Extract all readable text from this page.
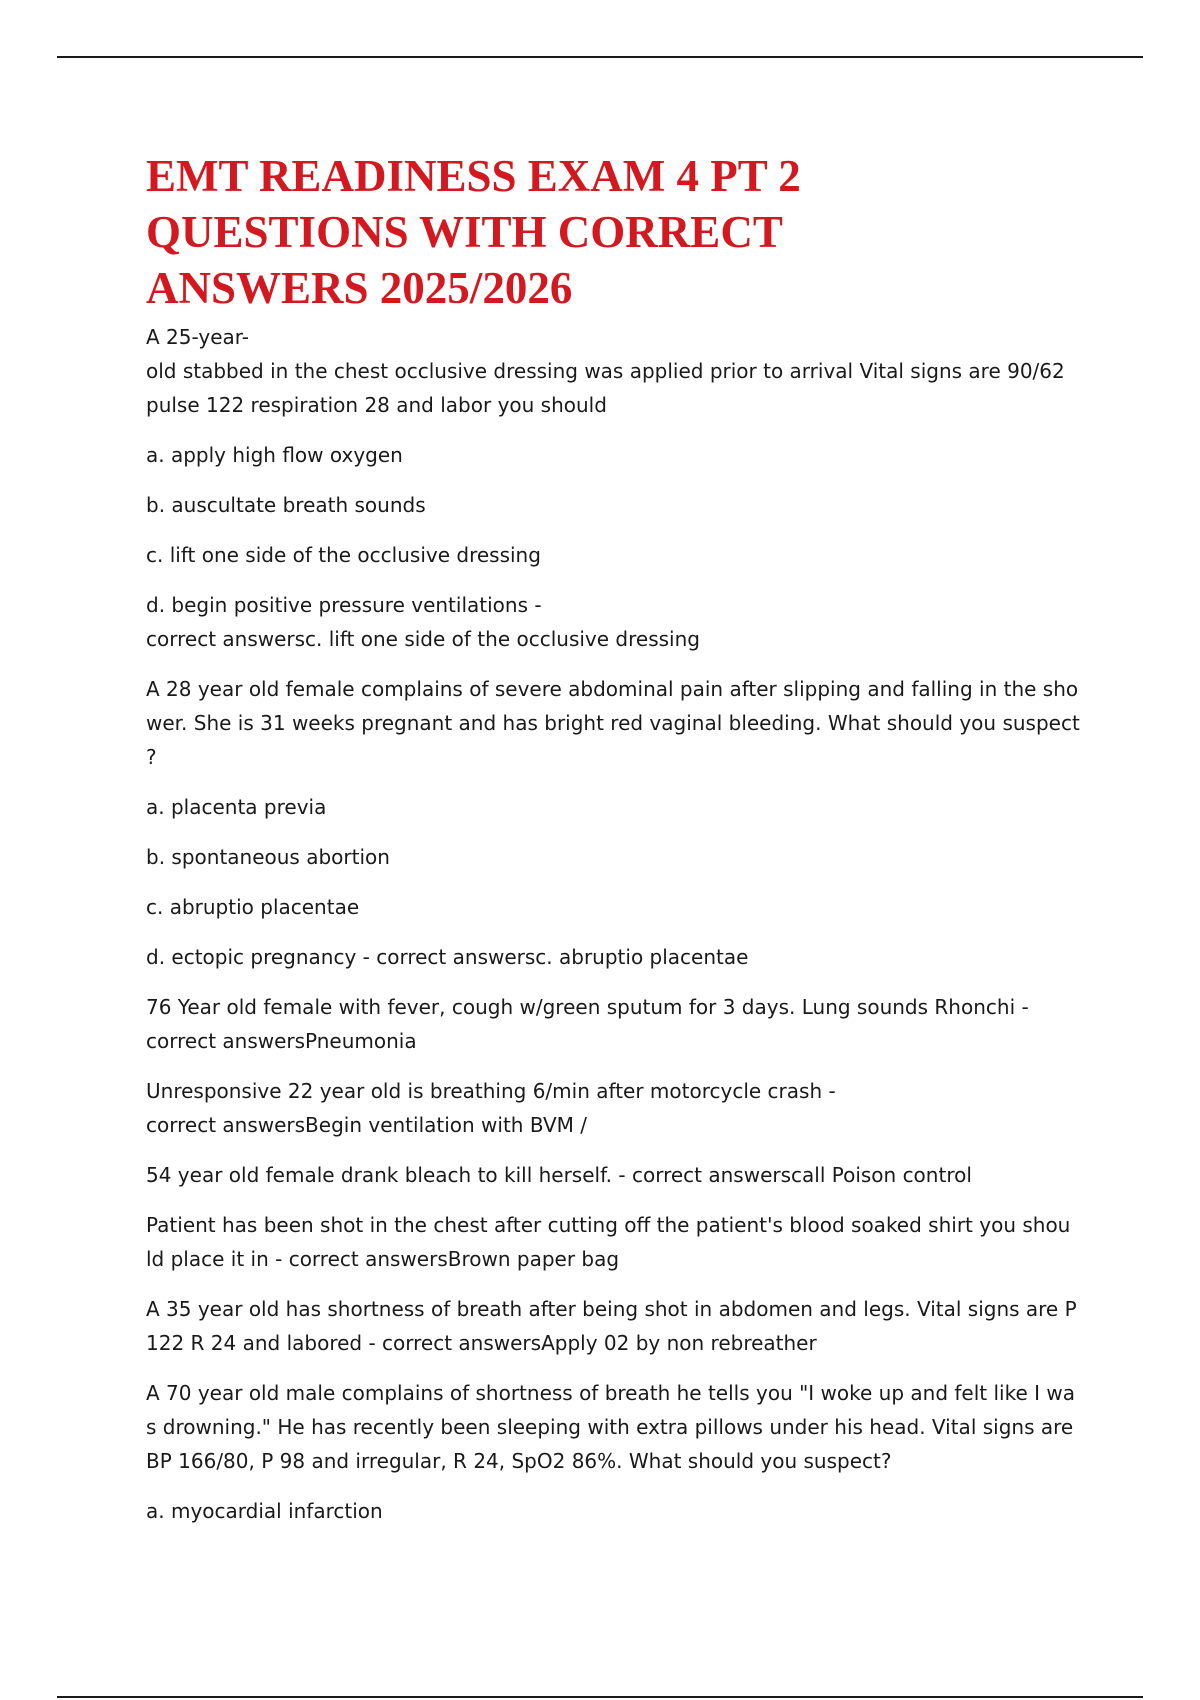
EMT READINESS EXAM 4 PT 2
QUESTIONS WITH CORRECT
ANSWERS 2025/2026
A 25-year-
old stabbed in the chest occlusive dressing was applied prior to arrival Vital signs are 90/62
pulse 122 respiration 28 and labor you should
a. apply high flow oxygen
b. auscultate breath sounds
c. lift one side of the occlusive dressing
d. begin positive pressure ventilations -
correct answersc. lift one side of the occlusive dressing
A 28 year old female complains of severe abdominal pain after slipping and falling in the sho
wer. She is 31 weeks pregnant and has bright red vaginal bleeding. What should you suspect
?
a. placenta previa
b. spontaneous abortion
c. abruptio placentae
d. ectopic pregnancy - correct answersc. abruptio placentae
76 Year old female with fever, cough w/green sputum for 3 days. Lung sounds Rhonchi -
correct answersPneumonia
Unresponsive 22 year old is breathing 6/min after motorcycle crash -
correct answersBegin ventilation with BVM /
54 year old female drank bleach to kill herself. - correct answerscall Poison control
Patient has been shot in the chest after cutting off the patient's blood soaked shirt you shou
ld place it in - correct answersBrown paper bag
A 35 year old has shortness of breath after being shot in abdomen and legs. Vital signs are P
122 R 24 and labored - correct answersApply 02 by non rebreather
A 70 year old male complains of shortness of breath he tells you "I woke up and felt like I wa
s drowning." He has recently been sleeping with extra pillows under his head. Vital signs are
BP 166/80, P 98 and irregular, R 24, SpO2 86%. What should you suspect?
a. myocardial infarction
